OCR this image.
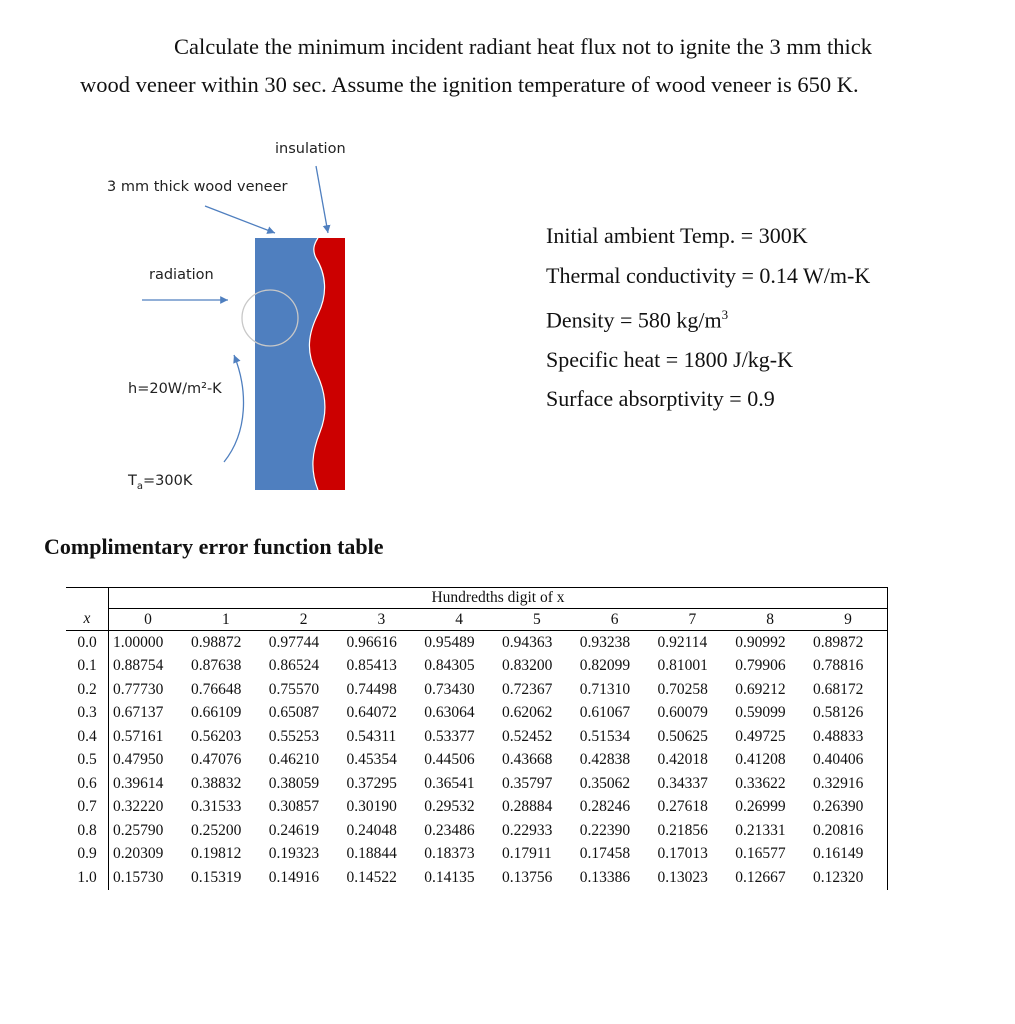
Calculate the minimum incident radiant heat flux not to ignite the 3 mm thick
wood veneer within 30 sec. Assume the ignition temperature of wood veneer is 650 K.
insulation
3 mm thick wood veneer
radiation
h=20W/m²-K
$T_a=300K$
Initial ambient Temp. = 300K
Thermal conductivity = 0.14 W/m-K
Density = 580 $kg/m^3$
Specific heat = 1800 J/kg-K
Surface absorptivity = 0.9
Complimentary error function table
	Hundredths digit of x									
x	0	1	2	3	4	5	6	7	8	9
0.0	1.00000	0.98872	0.97744	0.96616	0.95489	0.94363	0.93238	0.92114	0.90992	0.89872
0.1	0.88754	0.87638	0.86524	0.85413	0.84305	0.83200	0.82099	0.81001	0.79906	0.78816
0.2	0.77730	0.76648	0.75570	0.74498	0.73430	0.72367	0.71310	0.70258	0.69212	0.68172
0.3	0.67137	0.66109	0.65087	0.64072	0.63064	0.62062	0.61067	0.60079	0.59099	0.58126
0.4	0.57161	0.56203	0.55253	0.54311	0.53377	0.52452	0.51534	0.50625	0.49725	0.48833
0.5	0.47950	0.47076	0.46210	0.45354	0.44506	0.43668	0.42838	0.42018	0.41208	0.40406
0.6	0.39614	0.38832	0.38059	0.37295	0.36541	0.35797	0.35062	0.34337	0.33622	0.32916
0.7	0.32220	0.31533	0.30857	0.30190	0.29532	0.28884	0.28246	0.27618	0.26999	0.26390
0.8	0.25790	0.25200	0.24619	0.24048	0.23486	0.22933	0.22390	0.21856	0.21331	0.20816
0.9	0.20309	0.19812	0.19323	0.18844	0.18373	0.17911	0.17458	0.17013	0.16577	0.16149
1.0	0.15730	0.15319	0.14916	0.14522	0.14135	0.13756	0.13386	0.13023	0.12667	0.12320
